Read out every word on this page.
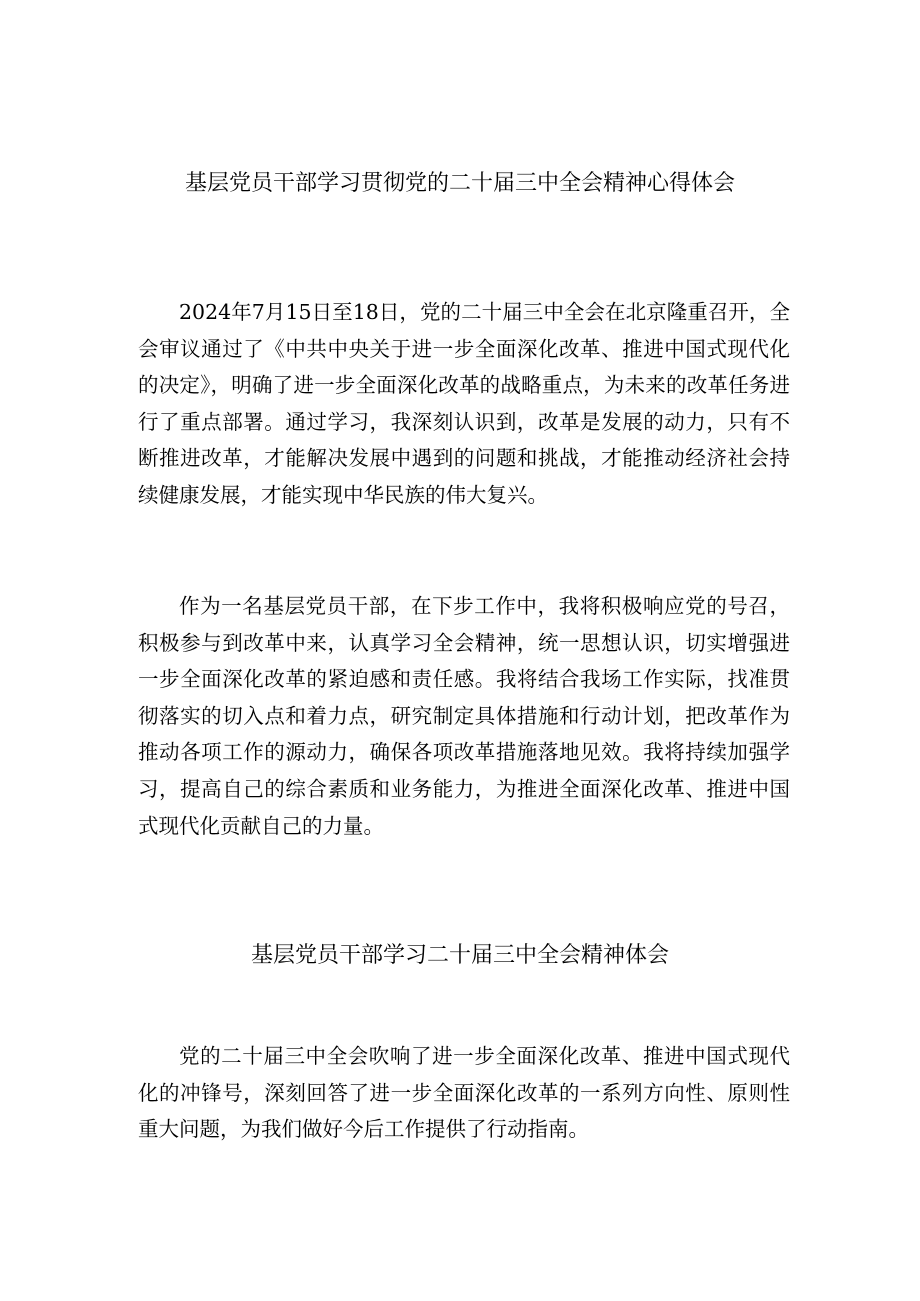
基层党员干部学习贯彻党的二十届三中全会精神心得体会

2024年7月15日至18日，党的二十届三中全会在北京隆重召开，全会审议通过了《中共中央关于进一步全面深化改革、推进中国式现代化的决定》，明确了进一步全面深化改革的战略重点，为未来的改革任务进行了重点部署。通过学习，我深刻认识到，改革是发展的动力，只有不断推进改革，才能解决发展中遇到的问题和挑战，才能推动经济社会持续健康发展，才能实现中华民族的伟大复兴。

作为一名基层党员干部，在下步工作中，我将积极响应党的号召，积极参与到改革中来，认真学习全会精神，统一思想认识，切实增强进一步全面深化改革的紧迫感和责任感。我将结合我场工作实际，找准贯彻落实的切入点和着力点，研究制定具体措施和行动计划，把改革作为推动各项工作的源动力，确保各项改革措施落地见效。我将持续加强学习，提高自己的综合素质和业务能力，为推进全面深化改革、推进中国式现代化贡献自己的力量。

基层党员干部学习二十届三中全会精神体会

党的二十届三中全会吹响了进一步全面深化改革、推进中国式现代化的冲锋号，深刻回答了进一步全面深化改革的一系列方向性、原则性重大问题，为我们做好今后工作提供了行动指南。
